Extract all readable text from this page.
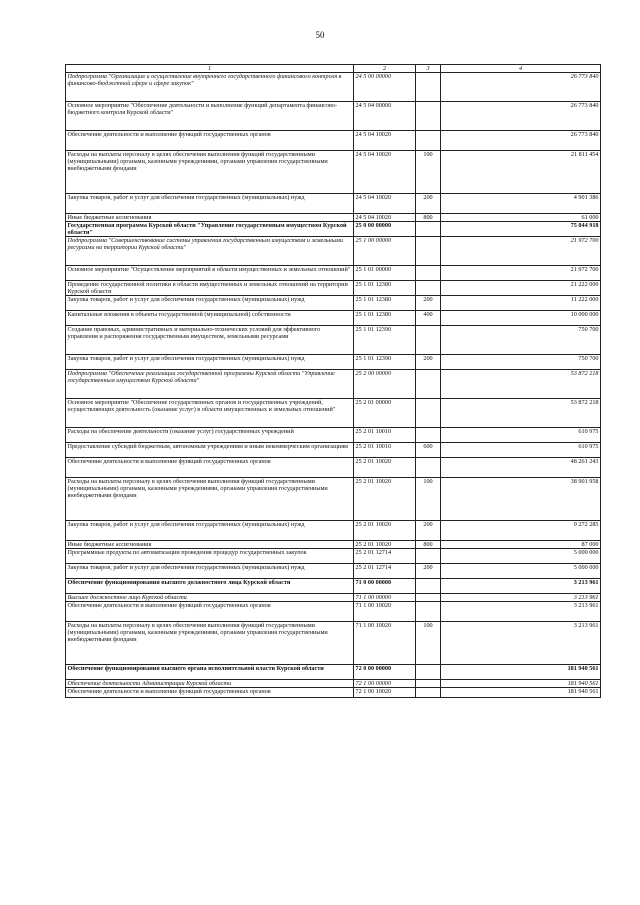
50
1	2	3	4
Подпрограмма "Организация и осуществление внутреннего государственного финансового контроля в финансово-бюджетной сфере и сфере закупок"	24 5 00 00000		26 773 840
Основное мероприятие "Обеспечение деятельности и выполнение функций департамента финансово-бюджетного контроля Курской области"	24 5 04 00000		26 773 840
Обеспечение деятельности и выполнение функций государственных органов	24 5 04 10020		26 773 840
Расходы на выплаты персоналу в целях обеспечения выполнения функций государственными (муниципальными) органами, казенными учреждениями, органами управления государственными внебюджетными фондами	24 5 04 10020	100	21 811 454
Закупка товаров, работ и услуг для обеспечения государственных (муниципальных) нужд	24 5 04 10020	200	4 901 386
Иные бюджетные ассигнования	24 5 04 10020	800	61 000
Государственная программа Курской области "Управление государственным имуществом Курской области"	25 0 00 00000		75 844 918
Подпрограмма "Совершенствование системы управления государственным имуществом и земельными ресурсами на территории Курской области"	25 1 00 00000		21 972 700
Основное мероприятие "Осуществление мероприятий в области имущественных и земельных отношений"	25 1 01 00000		21 972 700
Проведение государственной политики в области имущественных и земельных отношений на территории Курской области	25 1 01 12380		21 222 000
Закупка товаров, работ и услуг для обеспечения государственных (муниципальных) нужд	25 1 01 12380	200	11 222 000
Капитальные вложения в объекты государственной (муниципальной) собственности	25 1 01 12380	400	10 000 000
Создание правовых, административных и материально-технических условий для эффективного управления и распоряжения государственным имуществом, земельными ресурсами	25 1 01 12390		750 700
Закупка товаров, работ и услуг для обеспечения государственных (муниципальных) нужд	25 1 01 12390	200	750 700
Подпрограмма "Обеспечение реализации государственной программы Курской области "Управление государственным имуществом Курской области"	25 2 00 00000		53 872 218
Основное мероприятие "Обеспечение государственных органов и государственных учреждений, осуществляющих деятельность (оказание услуг) в области имущественных и земельных отношений"	25 2 01 00000		53 872 218
Расходы на обеспечение деятельности (оказание услуг) государственных учреждений	25 2 01 10010		610 975
Предоставление субсидий бюджетным, автономным учреждениям и иным некоммерческим организациям	25 2 01 10010	600	610 975
Обеспечение деятельности и выполнение функций государственных органов	25 2 01 10020		48 261 243
Расходы на выплаты персоналу в целях обеспечения выполнения функций государственными (муниципальными) органами, казенными учреждениями, органами управления государственными внебюджетными фондами	25 2 01 10020	100	38 901 958
Закупка товаров, работ и услуг для обеспечения государственных (муниципальных) нужд	25 2 01 10020	200	9 272 285
Иные бюджетные ассигнования	25 2 01 10020	800	87 000
Программные продукты по автоматизации проведения процедур государственных закупок	25 2 01 12714		5 000 000
Закупка товаров, работ и услуг для обеспечения государственных (муниципальных) нужд	25 2 01 12714	200	5 000 000
Обеспечение функционирования высшего должностного лица Курской области	71 0 00 00000		3 213 961
Высшее должностное лицо Курской области	71 1 00 00000		3 213 961
Обеспечение деятельности и выполнение функций государственных органов	71 1 00 10020		3 213 961
Расходы на выплаты персоналу в целях обеспечения выполнения функций государственными (муниципальными) органами, казенными учреждениями, органами управления государственными внебюджетными фондами	71 1 00 10020	100	3 213 961
Обеспечение функционирования высшего органа исполнительной власти Курской области	72 0 00 00000		181 940 561
Обеспечение деятельности Администрации Курской области	72 1 00 00000		181 940 561
Обеспечение деятельности и выполнение функций государственных органов	72 1 00 10020		181 940 561
